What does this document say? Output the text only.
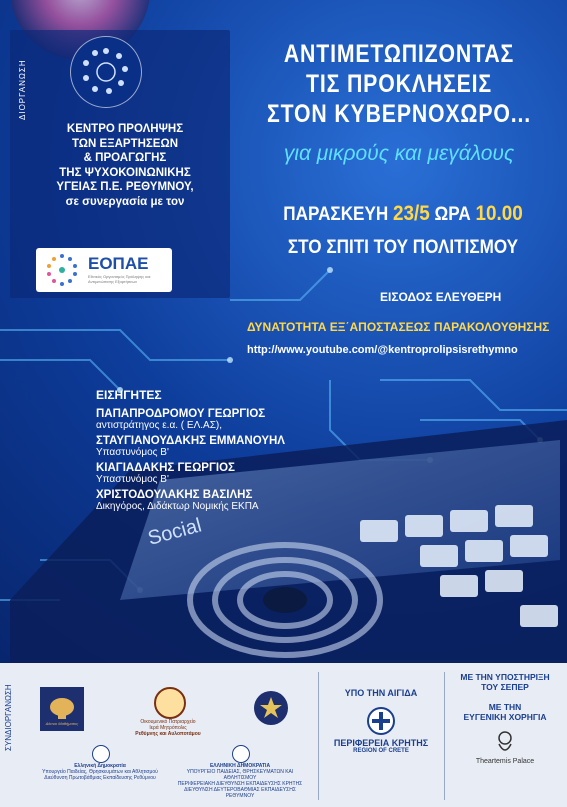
Social
ΔΙΟΡΓΑΝΩΣΗ
ΚΕΝΤΡΟ ΠΡΟΛΗΨΗΣ
ΤΩΝ ΕΞΑΡΤΗΣΕΩΝ
& ΠΡΟΑΓΩΓΗΣ
ΤΗΣ ΨΥΧΟΚΟΙΝΩΝΙΚΗΣ
ΥΓΕΙΑΣ Π.Ε. ΡΕΘΥΜΝΟΥ,
σε συνεργασία με τον
ΕΟΠΑΕ
Εθνικός Οργανισμός Πρόληψης και Αντιμετώπισης Εξαρτήσεων
ΑΝΤΙΜΕΤΩΠΙΖΟΝΤΑΣ
ΤΙΣ ΠΡΟΚΛΗΣΕΙΣ
ΣΤΟΝ ΚΥΒΕΡΝΟΧΩΡΟ...
για μικρούς και μεγάλους
ΠΑΡΑΣΚΕΥΗ 23/5 ΩΡΑ 10.00
ΣΤΟ ΣΠΙΤΙ ΤΟΥ ΠΟΛΙΤΙΣΜΟΥ
ΕΙΣΟΔΟΣ ΕΛΕΥΘΕΡΗ
ΔΥΝΑΤΟΤΗΤΑ ΕΞ΄ΑΠΟΣΤΑΣΕΩΣ ΠΑΡΑΚΟΛΟΥΘΗΣΗΣ
http://www.youtube.com/@kentroprolipsisrethymno
ΕΙΣΗΓΗΤΕΣ
ΠΑΠΑΠΡΟΔΡΟΜΟΥ ΓΕΩΡΓΙΟΣ
αντιστράτηγος ε.α. ( ΕΛ.ΑΣ),
ΣΤΑΥΓΙΑΝΟΥΔΑΚΗΣ ΕΜΜΑΝΟΥΗΛ
Υπαστυνόμος Β'
ΚΙΑΓΙΑΔΑΚΗΣ ΓΕΩΡΓΙΟΣ
Υπαστυνόμος Β'
ΧΡΙΣΤΟΔΟΥΛΑΚΗΣ ΒΑΣΙΛΗΣ
Δικηγόρος, Διδάκτωρ Νομικής ΕΚΠΑ
ΣΥΝΔΙΟΡΓΑΝΩΣΗ	Δίκτυο Μαθήματος	Οικουμενικό Πατριαρχείο
Ιερά Μητρόπολις
Ρεθύμνης και Αυλοποτάμου
Ελληνική Δημοκρατία
Υπουργείο Παιδείας, Θρησκευμάτων και Αθλητισμού
Διεύθυνση Πρωτοβάθμιας Εκπαίδευσης Ρεθύμνου
ΕΛΛΗΝΙΚΗ ΔΗΜΟΚΡΑΤΙΑ
ΥΠΟΥΡΓΕΙΟ ΠΑΙΔΕΙΑΣ, ΘΡΗΣΚΕΥΜΑΤΩΝ ΚΑΙ ΑΘΛΗΤΙΣΜΟΥ
ΠΕΡΙΦΕΡΕΙΑΚΗ ΔΙΕΥΘΥΝΣΗ ΕΚΠΑΙΔΕΥΣΗΣ ΚΡΗΤΗΣ
ΔΙΕΥΘΥΝΣΗ ΔΕΥΤΕΡΟΒΑΘΜΙΑΣ ΕΚΠΑΙΔΕΥΣΗΣ ΡΕΘΥΜΝΟΥ
ΥΠΟ ΤΗΝ ΑΙΓΙΔΑ
ΠΕΡΙΦΕΡΕΙΑ ΚΡΗΤΗΣ
REGION OF CRETE
ΜΕ ΤΗΝ ΥΠΟΣΤΗΡΙΞΗ
ΤΟΥ ΣΕΠΕΡ
ΜΕ ΤΗΝ
ΕΥΓΕΝΙΚΗ ΧΟΡΗΓΙΑ
Theartemis Palace
